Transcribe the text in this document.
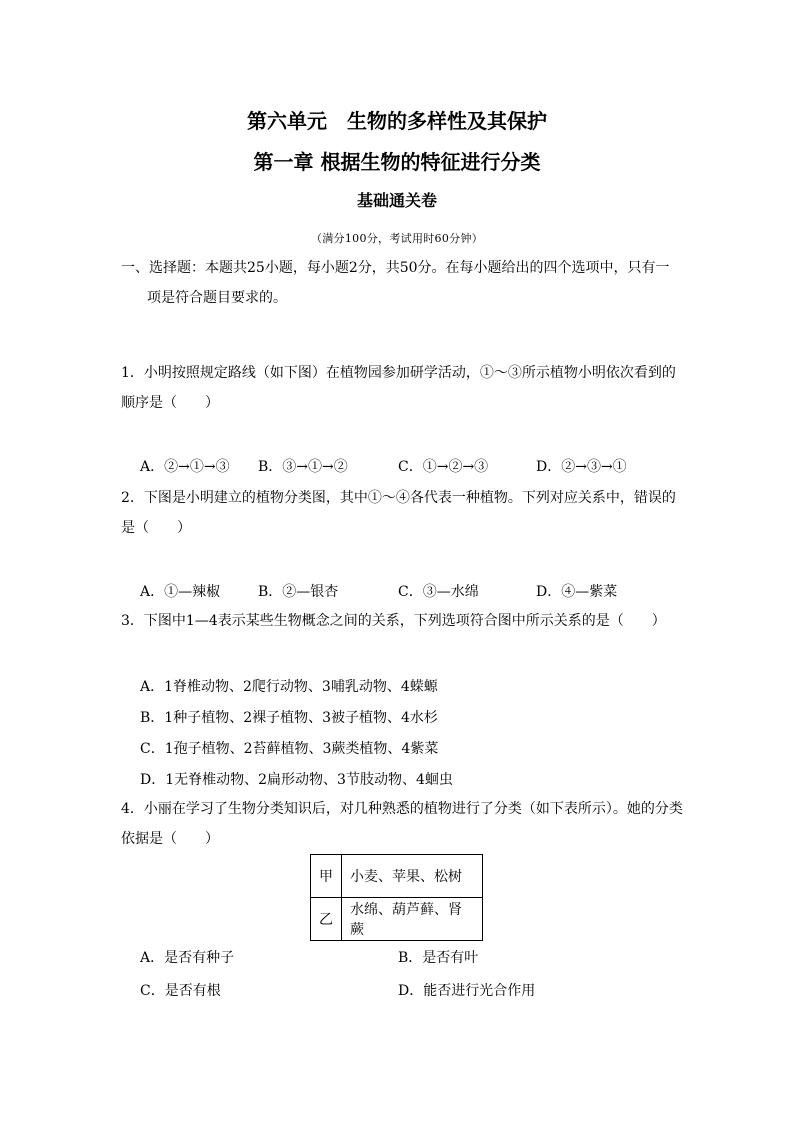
第六单元　生物的多样性及其保护
第一章 根据生物的特征进行分类
基础通关卷
（满分100分，考试用时60分钟）
一、选择题：本题共25小题，每小题2分，共50分。在每小题给出的四个选项中，只有一
项是符合题目要求的。
1．小明按照规定路线（如下图）在植物园参加研学活动，①～③所示植物小明依次看到的
顺序是（　　）
A．②→①→③ B．③→①→②	C．①→②→③	D．②→③→①
2．下图是小明建立的植物分类图，其中①～④各代表一种植物。下列对应关系中，错误的
是（　　）
A．①—辣椒	B．②—银杏	C．③—水绵	D．④—紫菜
3．下图中1—4表示某些生物概念之间的关系，下列选项符合图中所示关系的是（　　）
A．1脊椎动物、2爬行动物、3哺乳动物、4蝾螈
B．1种子植物、2裸子植物、3被子植物、4水杉
C．1孢子植物、2苔藓植物、3蕨类植物、4紫菜
D．1无脊椎动物、2扁形动物、3节肢动物、4蛔虫
4．小丽在学习了生物分类知识后，对几种熟悉的植物进行了分类（如下表所示）。她的分类
依据是（　　）
甲	小麦、苹果、松树
乙	水绵、葫芦藓、肾蕨
A．是否有种子	B．是否有叶
C．是否有根	D．能否进行光合作用
